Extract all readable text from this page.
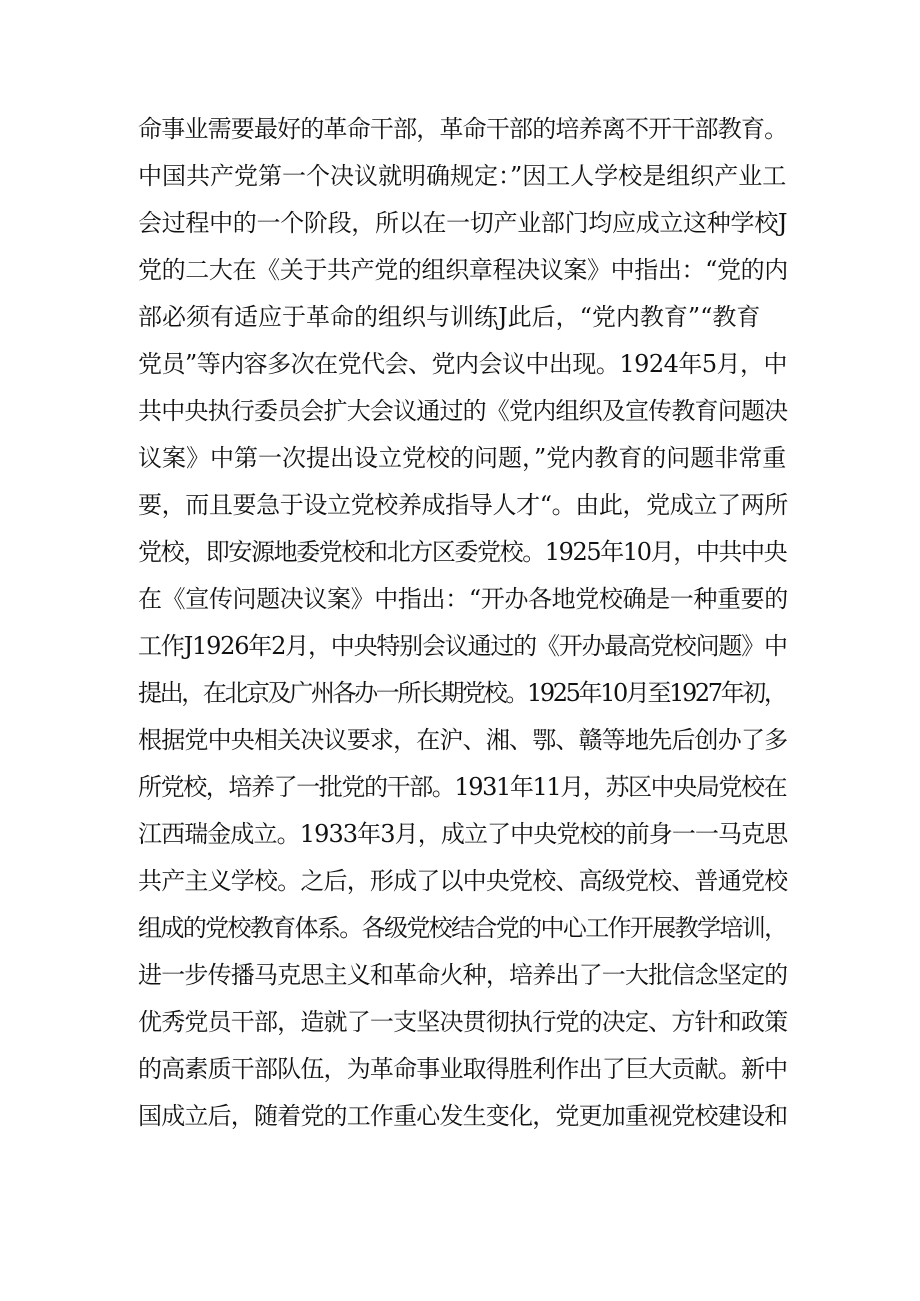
命事业需要最好的革命干部，革命干部的培养离不开干部教育。
中国共产党第一个决议就明确规定：”因工人学校是组织产业工
会过程中的一个阶段，所以在一切产业部门均应成立这种学校J
党的二大在《关于共产党的组织章程决议案》中指出：“党的内
部必须有适应于革命的组织与训练J此后，“党内教育”“教育
党员”等内容多次在党代会、党内会议中出现。1924年5月，中
共中央执行委员会扩大会议通过的《党内组织及宣传教育问题决
议案》中第一次提出设立党校的问题，”党内教育的问题非常重
要，而且要急于设立党校养成指导人才“。由此，党成立了两所
党校，即安源地委党校和北方区委党校。1925年10月，中共中央
在《宣传问题决议案》中指出：“开办各地党校确是一种重要的
工作J1926年2月，中央特别会议通过的《开办最高党校问题》中
提出，在北京及广州各办一所长期党校。1925年10月至1927年初，
根据党中央相关决议要求，在沪、湘、鄂、赣等地先后创办了多
所党校，培养了一批党的干部。1931年11月，苏区中央局党校在
江西瑞金成立。1933年3月，成立了中央党校的前身一一马克思
共产主义学校。之后，形成了以中央党校、高级党校、普通党校
组成的党校教育体系。各级党校结合党的中心工作开展教学培训，
进一步传播马克思主义和革命火种，培养出了一大批信念坚定的
优秀党员干部，造就了一支坚决贯彻执行党的决定、方针和政策
的高素质干部队伍，为革命事业取得胜利作出了巨大贡献。新中
国成立后，随着党的工作重心发生变化，党更加重视党校建设和
